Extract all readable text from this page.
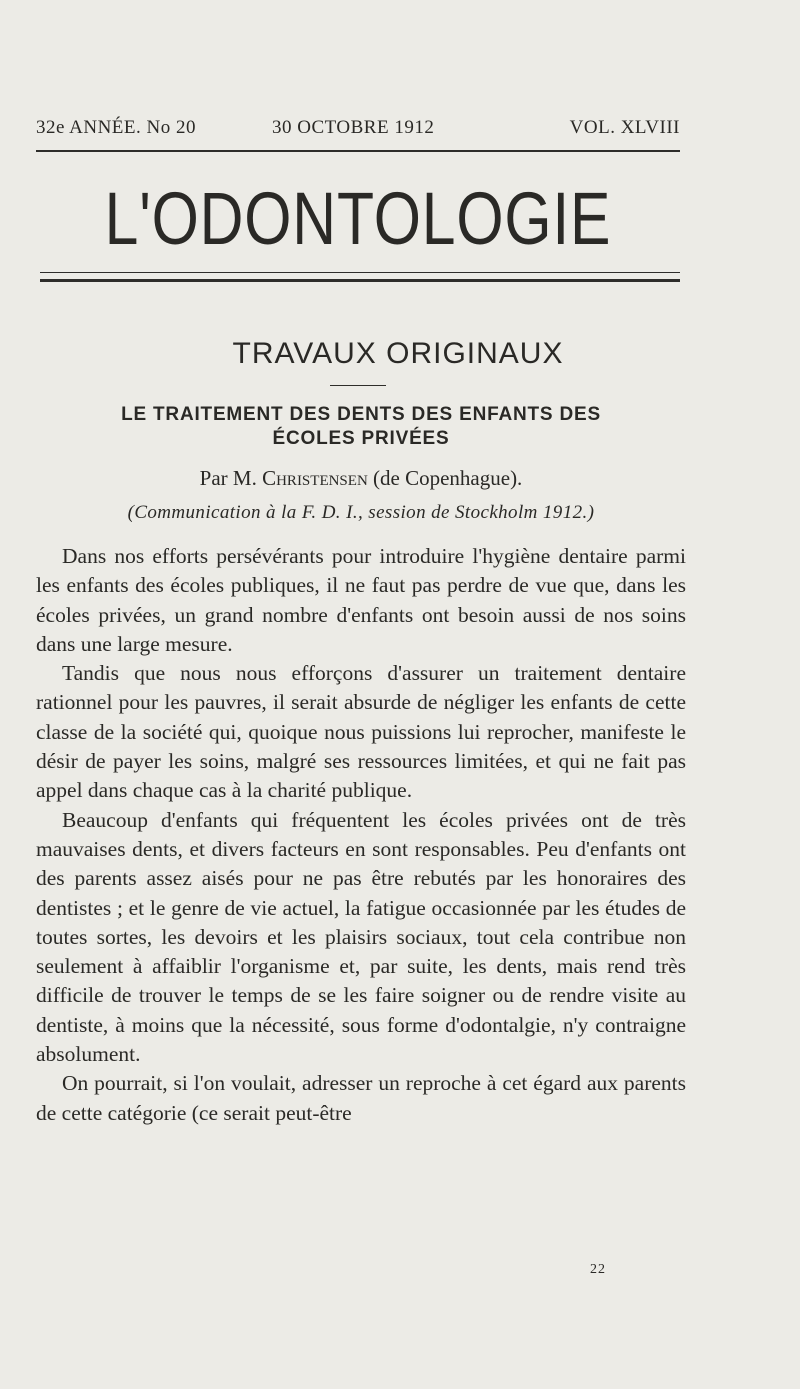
32e ANNÉE. No 20	30 OCTOBRE 1912	VOL. XLVIII
L'ODONTOLOGIE
TRAVAUX ORIGINAUX
LE TRAITEMENT DES DENTS DES ENFANTS DES
ÉCOLES PRIVÉES
Par M. Christensen (de Copenhague).
(Communication à la F. D. I., session de Stockholm 1912.)

Dans nos efforts persévérants pour introduire l'hygiène dentaire parmi les enfants des écoles publiques, il ne faut pas perdre de vue que, dans les écoles privées, un grand nombre d'enfants ont besoin aussi de nos soins dans une large mesure.

Tandis que nous nous efforçons d'assurer un traitement dentaire rationnel pour les pauvres, il serait absurde de négliger les enfants de cette classe de la société qui, quoique nous puissions lui reprocher, manifeste le désir de payer les soins, malgré ses ressources limitées, et qui ne fait pas appel dans chaque cas à la charité publique.

Beaucoup d'enfants qui fréquentent les écoles privées ont de très mauvaises dents, et divers facteurs en sont responsables. Peu d'enfants ont des parents assez aisés pour ne pas être rebutés par les honoraires des dentistes ; et le genre de vie actuel, la fatigue occasionnée par les études de toutes sortes, les devoirs et les plaisirs sociaux, tout cela contribue non seulement à affaiblir l'organisme et, par suite, les dents, mais rend très difficile de trouver le temps de se les faire soigner ou de rendre visite au dentiste, à moins que la nécessité, sous forme d'odontalgie, n'y contraigne absolument.

On pourrait, si l'on voulait, adresser un reproche à cet égard aux parents de cette catégorie (ce serait peut-être

22
